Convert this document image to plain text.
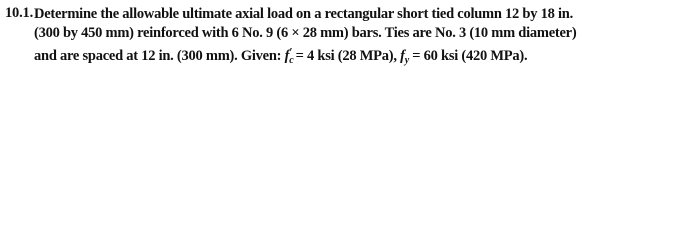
10.1. Determine the allowable ultimate axial load on a rectangular short tied column 12 by 18 in.
(300 by 450 mm) reinforced with 6 No. 9 (6 × 28 mm) bars. Ties are No. 3 (10 mm diameter)
and are spaced at 12 in. (300 mm). Given: $f_c' = 4$ ksi (28 MPa), $f_y = 60$ ksi (420 MPa).
